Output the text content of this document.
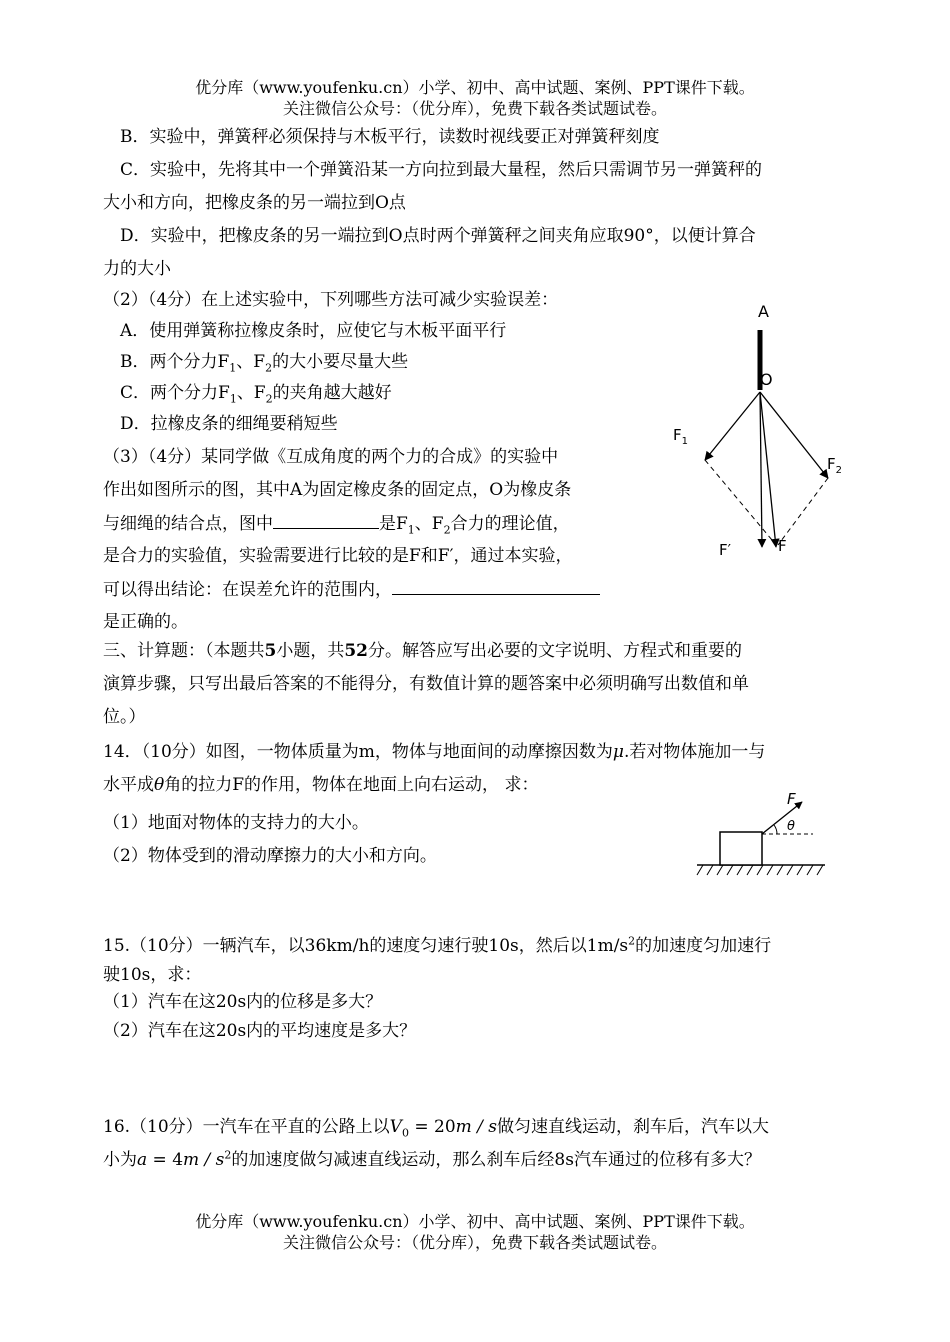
优分库（www.youfenku.cn）小学、初中、高中试题、案例、PPT课件下载。
关注微信公众号：（优分库），免费下载各类试题试卷。
B．实验中，弹簧秤必须保持与木板平行，读数时视线要正对弹簧秤刻度
C．实验中，先将其中一个弹簧沿某一方向拉到最大量程，然后只需调节另一弹簧秤的
大小和方向，把橡皮条的另一端拉到O点
D．实验中，把橡皮条的另一端拉到O点时两个弹簧秤之间夹角应取90°，以便计算合
力的大小
（2）（4分）在上述实验中，下列哪些方法可减少实验误差：
A．使用弹簧称拉橡皮条时，应使它与木板平面平行
B．两个分力$F_1$、$F_2$的大小要尽量大些
C．两个分力$F_1$、$F_2$的夹角越大越好
D．拉橡皮条的细绳要稍短些
（3）（4分）某同学做《互成角度的两个力的合成》的实验中
作出如图所示的图，其中A为固定橡皮条的固定点，O为橡皮条
与细绳的结合点，图中	是$F_1$、$F_2$合力的理论值，
是合力的实验值，实验需要进行比较的是F和F′，通过本实验，
可以得出结论：在误差允许的范围内，
是正确的。
A
O
$F_1$
$F_2$
F′	F
三、计算题：（本题共5小题，共52分。解答应写出必要的文字说明、方程式和重要的
演算步骤，只写出最后答案的不能得分，有数值计算的题答案中必须明确写出数值和单
位。）
14．（10分）如图，一物体质量为m，物体与地面间的动摩擦因数为μ.若对物体施加一与
水平成θ角的拉力F的作用，物体在地面上向右运动， 求：
（1）地面对物体的支持力的大小。
（2）物体受到的滑动摩擦力的大小和方向。
F
θ
15.（10分）一辆汽车，以36km/h的速度匀速行驶10s，然后以$1m/s^2$的加速度匀加速行
驶10s，求：
（1）汽车在这20s内的位移是多大？
（2）汽车在这20s内的平均速度是多大？
16.（10分）一汽车在平直的公路上以$V_0 = 20m / s$做匀速直线运动，刹车后，汽车以大
小为$a = 4m / s^2$的加速度做匀减速直线运动，那么刹车后经8s汽车通过的位移有多大？
优分库（www.youfenku.cn）小学、初中、高中试题、案例、PPT课件下载。
关注微信公众号：（优分库），免费下载各类试题试卷。
